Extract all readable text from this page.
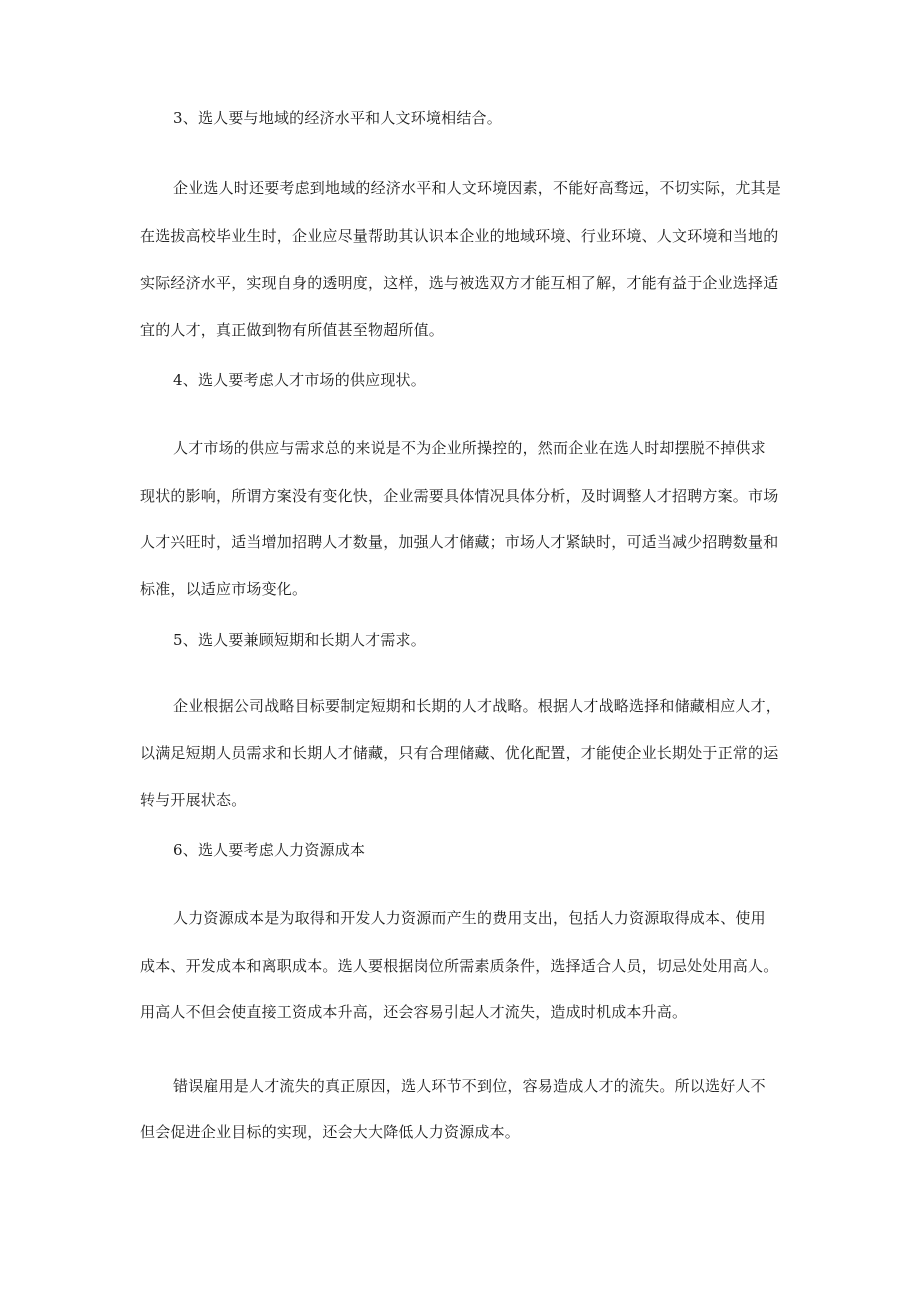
3、选人要与地域的经济水平和人文环境相结合。
企业选人时还要考虑到地域的经济水平和人文环境因素，不能好高骛远，不切实际，尤其是
在选拔高校毕业生时，企业应尽量帮助其认识本企业的地域环境、行业环境、人文环境和当地的
实际经济水平，实现自身的透明度，这样，选与被选双方才能互相了解，才能有益于企业选择适
宜的人才，真正做到物有所值甚至物超所值。
4、选人要考虑人才市场的供应现状。
人才市场的供应与需求总的来说是不为企业所操控的，然而企业在选人时却摆脱不掉供求
现状的影响，所谓方案没有变化快，企业需要具体情况具体分析，及时调整人才招聘方案。市场
人才兴旺时，适当增加招聘人才数量，加强人才储藏；市场人才紧缺时，可适当减少招聘数量和
标准，以适应市场变化。
5、选人要兼顾短期和长期人才需求。
企业根据公司战略目标要制定短期和长期的人才战略。根据人才战略选择和储藏相应人才，
以满足短期人员需求和长期人才储藏，只有合理储藏、优化配置，才能使企业长期处于正常的运
转与开展状态。
6、选人要考虑人力资源成本
人力资源成本是为取得和开发人力资源而产生的费用支出，包括人力资源取得成本、使用
成本、开发成本和离职成本。选人要根据岗位所需素质条件，选择适合人员，切忌处处用高人。
用高人不但会使直接工资成本升高，还会容易引起人才流失，造成时机成本升高。
错误雇用是人才流失的真正原因，选人环节不到位，容易造成人才的流失。所以选好人不
但会促进企业目标的实现，还会大大降低人力资源成本。
